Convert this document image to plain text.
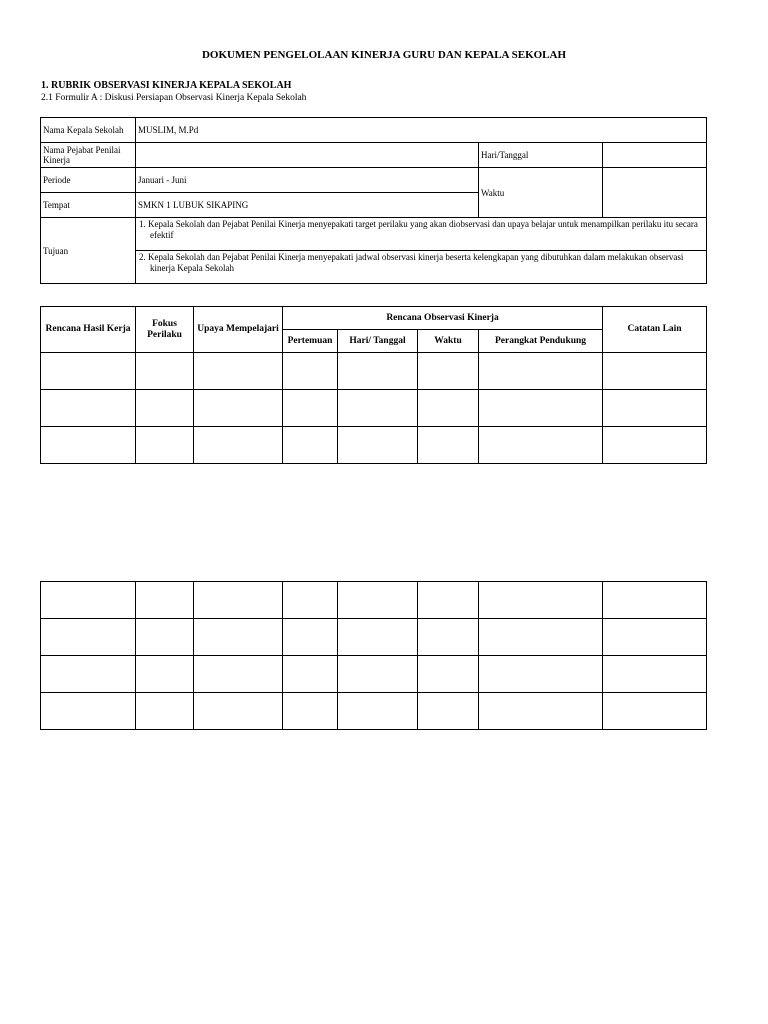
DOKUMEN PENGELOLAAN KINERJA GURU DAN KEPALA SEKOLAH
1. RUBRIK OBSERVASI KINERJA KEPALA SEKOLAH
2.1 Formulir A : Diskusi Persiapan Observasi Kinerja Kepala Sekolah
Nama Kepala Sekolah	MUSLIM, M.Pd		
Nama Pejabat Penilai Kinerja		Hari/Tanggal	
Periode	Januari - Juni	Waktu	
Tempat	SMKN 1 LUBUK SIKAPING		
Tujuan	1. Kepala Sekolah dan Pejabat Penilai Kinerja menyepakati target perilaku yang akan diobservasi dan upaya belajar untuk menampilkan perilaku itu secara efektif		

	2. Kepala Sekolah dan Pejabat Penilai Kinerja menyepakati jadwal observasi kinerja beserta kelengkapan yang dibutuhkan dalam melakukan observasi kinerja Kepala Sekolah		
Rencana Hasil Kerja	Fokus Perilaku	Upaya Mempelajari	Rencana Observasi Kinerja				Catatan Lain
			Pertemuan	Hari/ Tanggal	Waktu	Perangkat Pendukung	
